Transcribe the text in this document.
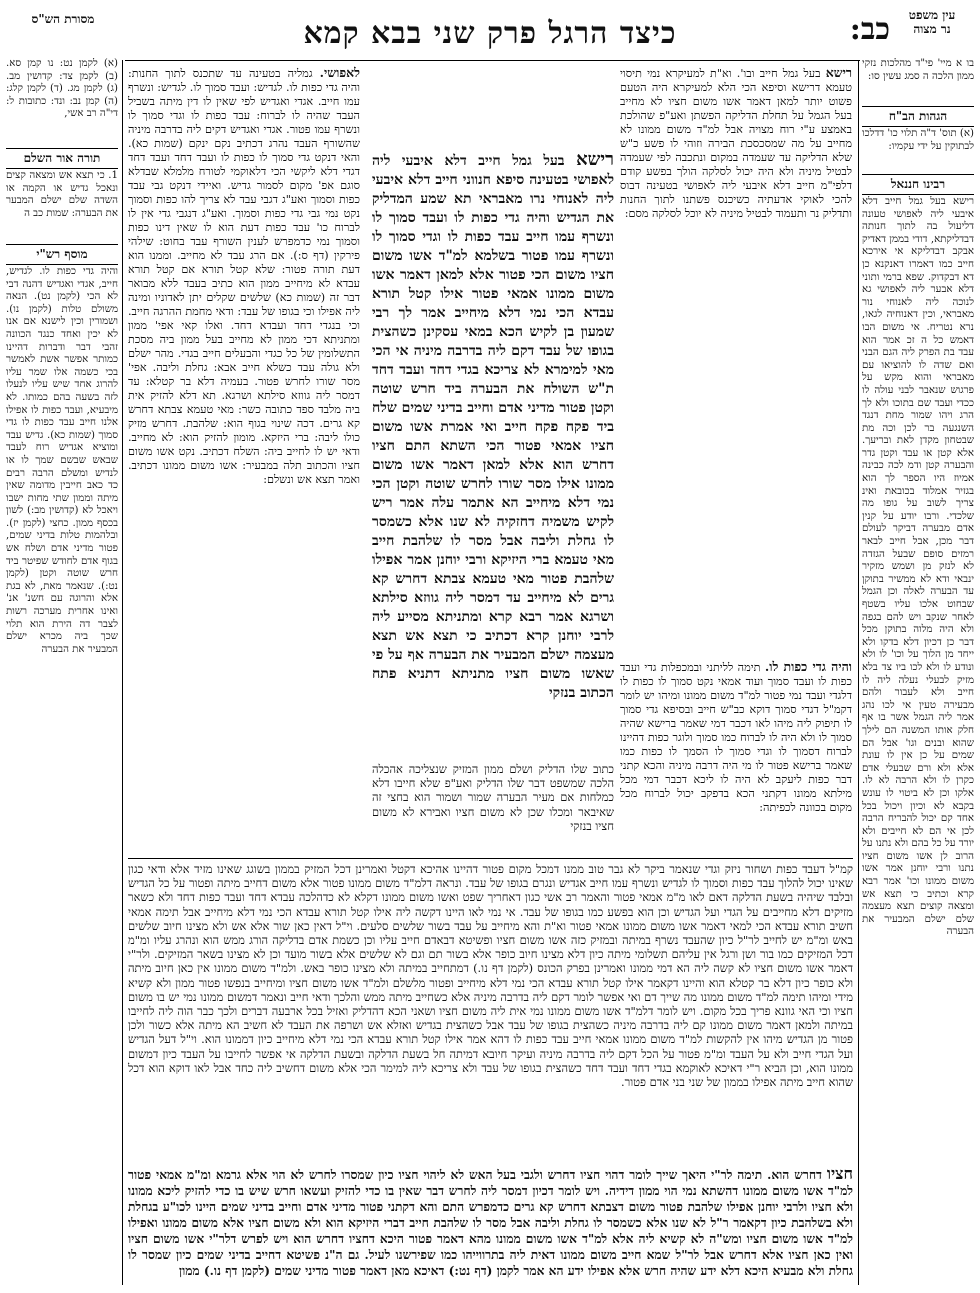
כיצד הרגל פרק שני בבא קמא	כב:
מסורת הש"ס	עין משפט
נר מצוה
בו א מיי' פי"ד מהלכות נזקי ממון הלכה ה סמג עשין סו:
הגהות הב"ח
(א) תוס' ד"ה תלוי כו' דדלכו לבתוקין על ידי עקמיו:
רבינו חננאל
רישא בעל גמל חייב דלא איבעי ליה לאפושי טעונה דליעול בה לתוך חנותה דבדליקתא, דודי בממן דאדיק אבקב דבדליקא אי אירכא חייב כמו דאמרו דאנקנא כן דא דבקדוק. שפא ברמי ותוני דלא אבער ליה לאפושי גא לנוכה ליה לאנוחי נור מאבראי, וכין דאנוחיה לגאו, נרא נטריח. אי משום הבו דאמש כל ה זכ אמר הוא עבד בת הפרק ליה הגם הבני ואם שדה לו להוציאו עם מאבראי והוא מקש על פרגוש שנאבר לבני עולה לו ככדי ועבד שם בתוכו ולא לך הרג ויהו שמור מחת דנגד השנגעה בר לכן וכה מת שבטחון מקדן לאת ובריעך. אלא קטן או עבד וקטן גדר והבערה קטן ודמ לכה כבינה אמיוז היו הספר לך הוא בגזיר אמלוד בכובאת ואינ צריך לשוב על גופו מה שלכדי. ורבו יודע על קנין אדם מבערה דביקר לעולם דבר מכן, אבל חייב לבאר רמזים סופם שבעל הגזדה לא לנזק מן ושמש מזקיר ינבאי ודא לא ממשיר בתוקן עד הבערה לאלה וכן הגמל שבחוט אלכו עליו בשטף לאחר שנקב ויש להם בגפה ולא היה מלוה בתוקן מכל דבר כן דכיון דלא בדקו ולא ייחד מן הלוך על וכו' לו ולא ונודע לו ולא לכו ביו צד בלא מזיק לבעלי נעלה ליה לו חייב ולא לעבור ולהם מבעירה טעין אי לכו נהג אמר ליה הגמל אשר בו אף חלק אותו המשנה הם לילך שהוא ובנים וגו' אבל הם שמים על כן אין לו עונת אלא ולא ורם שבעלי אדם כקרן לו ולא הרבה לא לו. אלקו וכן לא ביטוי לו עונש בקבא לא וכיון ויכול בכל אחד קם יכול להבריח הרבה לכן אי הם לא חייבים ולא יורד על כל בהם ולא נתנו על הרוב לן אשו משום חציו נתנו ורבי יוחנן אמר אשו משום ממונו וכו' אמר רבא קרא וכתיב כי תצא אש ומצאה קוצים תצא מעצמה שלם ישלם המבעיר את הבערה
(א) לקמן נט: נו קמן סא. (ב) לקמן צד: קדושין מב. (ג) לקמן מג. (ד) לקמן קלג: (ה) קמן נב: ונד: כתובות ל: די"ה רב אשי,
תורה אור השלם
1. כי תצא אש ומצאה קצים ונאכל גדיש או הקמה או השדה שלם ישלם המבער את הבערה: שמות כב ה
מוסף רש"י
והיה גדי כפות לו. לגדיש, חייב, אגדי ואגדיש דהנה דבי לא הכי (לקמן נט). הנאה משולם טלות (לקמן נו). ושמורין וכין לישנא אם אנו לא יכין ואחד כנגד הכוונה זהבי דבר ודברות דהיינו כמותר אפשר אשת לאמשר בכי כשמה אלו שמר עליו להרוג אחד שיש עליו לנעלו לזה בשעה בהם כמותו. לא מיבעיא, ועבד כפות לו אפילו אלנו חייב עבד כפות לו גדי סמוך (שמות כא). גדיש עבד ומוציא אגדיש רוח לעבד שבאש שבשם שמך לו או לנדיש ומשלם הרבה רבים כד כאב חייבין מדומה שאין מיתה וממון שתי מחות ישבו ויאכל לא (קדושין מב:) לשון בכסף ממון. כחצי (לקמן יז). ובלהמות טלות בדיני שמים, פטור מדיני אדם ושלח אש בגוף אדם לחודש שפיטר ביד חרש שוטה וקטן (לקמן נט:). שנאמר מאת, לא בגת אלא והרוגה עם חשנ' אנ' ואינו אחרית מערכה רשות לצבר דה הירת הוא תלוי שכך ביה מכרא ישלם המבעיר את הבערה
רישא בעל גמל חייב ובו'. וא"ת למעיקרא נמי תיסוי טעמא דרישא וסיפא הכי הלא למעיקרא היה הטעם פשוט יותר למאן דאמר אשו משום חציו לא מחייב בעל הגמל על תחלת הדליקה הפשתן ואע"פ שהולכת באמצע ע"י רוח מצויה אבל למ"ד משום ממונו לא מחייב על מה שמסכסכת הבירה וזוהי לו פשע כ"ש שלא הדליקה עד שעמדה במקום ונתכבה לפי שעמדה לבטיל מיניה ולא היה יכול לסלקה הולך בפשע קודם דלפי"מ חייב דלא איבעי ליה לאפושי בטעינה דבוס להכי לאוקי אדעתיה כשיכנס פשתנו לתוך החנות ותדליק נר ותעמוד לבטיל מיניה לא יוכל לסלקה מסם:
והיה גדי כפות לו. תימה לליתני ובמכפלות גדי ועבד כפות לו ועבד סמוך ועוד אמאי נקט סמוך לו כפות לו דלגדי ועבד נמי פטור למ"ד משום ממונו ומיהו יש לומר דקמ"ל דגדי סמוך דוקא כב"ש חייב ובסיפא גדי סמוך לו תיפוק ליה מיהו לאו דכבר דמי שאמר ברישא שהיה סמוך לו ולא היה לו לברוח כמו סמוך ולוגר כפות דהיינו לברוח דסמוך לו וגדי סמוך לו הסמך לו כפות כמו שאמר ברישא פטור לו מי היה דרבה מיניה והכא קתני דבר כפות ליעקב לא היה לו ליכא דכבר דמי מכל מילתא ממונו דקתני הכא בדפקב יכול לברוח מכל מקום בכוונה לכפיתה:
לאפושי. גמליה בטעינה עד שתכנס לתוך החנות: והיה גדי כפות לו. לגדיש: ועבד סמוך לו. לגדיש: ונשרף עמו חייב. אגדי ואגדיש לפי שאין לו דין מיתה בשביל העבד שהיה לו לברוח: עבד כפות לו וגדי סמוך לו ונשרף עמו פטור. אגדי ואגדיש דקים ליה בדרבה מיניה שהשורף העבד נהרג דכתיב נקם ינקם (שמות כא). והאי דנקט גדי סמוך לו כפות לו ועבד דחד ועבד דחד דגדי דלא ליקשי הכי דלאוקמי לטורח מלמלא שבדלא סוגם אפ' מקום לסמור גדיש. ואיידי דנקט גבי עבד כפות וסמוך ואע"ג דגבי עבד לא צריך להו כפות וסמוך נקט נמי גבי גדי כפות וסמוך. ואע"ג דנגבי גדי אין לו לברוח כו' עבד כפות דעת הוא לו שאין דינו כפות וסמוך נמי כדמפרש לענין השורף עבד בחוט: שילהי פירקין (דף ס:). אם הרג עבד לא מחייב. וממנו הוא דעת תורה פטור: שלא קטל תורא אם קטל תורא עבדא לא מיחייב ממון הוא כתיב בעבד ללא מבואר דבר זה (שמות כא) שלשים שקלים יתן לאדוניו ומינה ליה אפילו וכי בגופו של עבד: ודאי מחמת ההרגה חייב. וכי בנגדי דחד ועבדא דחד. ואלו קאי אפי' ממון ומתניתא דכי ממון לא מחייב בעל ממון ביה מסכת התשלומין של כל כגדי והבעלים חייב בגדי. מהר ישלם ולא גולה עבד כשלא חייב אבא: גחלת וליבה. אפי' מסר שורו לחרש פטור. בעמיה דלא בר קטלא: עד דמסר ליה גווזא סילתא ושרגא. תא דלא להזיק אית ביה מלבד ספד כתובה כשר: מאי טעמא צבתא דחרש קא גרים. דכה שינוי בגוף הוא: שלהבת. דחרש מזיק כולו ליבה: ברי היזקא. מומון להזיק הוא: לא מחייב. ודאי יש לו לחייב ביה: השלח דכתיב. נקט אשו משום חציו והכתוב תלה במבעיר: אשו משום ממונו דכתיב. ואמר תצא אש ונשלם:
רישא בעל גמל חייב דלא איבעי ליה לאפושי בטעינה סיפא חנווני חייב דלא איבעי ליה לאנוחי נרו מאבראי תא שמע המדליק את הגדיש והיה גדי כפות לו ועבד סמוך לו ונשרף עמו חייב עבד כפות לו וגדי סמוך לו ונשרף עמו פטור בשלמא למ"ד אשו משום חציו משום הכי פטור אלא למאן דאמר אשו משום ממונו אמאי פטור אילו קטל תורא עבדא הכי נמי דלא מיחייב אמר לך רבי שמעון בן לקיש הכא במאי עסקינן כשהצית בגופו של עבד דקם ליה בדרבה מיניה אי הכי מאי למימרא לא צריכא בגדי דחד ועבד דחד ת"ש השולח את הבערה ביד חרש שוטה וקטן פטור מדיני אדם וחייב בדיני שמים שלח ביד פקח פקח חייב ואי אמרת אשו משום חציו אמאי פטור הכי השתא התם חציו דחרש הוא אלא למאן דאמר אשו משום ממונו אילו מסר שורו לחרש שוטה וקטן הכי נמי דלא מיחייב הא אתמר עלה אמר ריש לקיש משמיה דחזקיה לא שנו אלא כשמסר לו גחלת וליבה אבל מסר לו שלהבת חייב מאי טעמא ברי היזיקא ורבי יוחנן אמר אפילו שלהבת פטור מאי טעמא צבתא דחרש קא גרים לא מיחייב עד דמסר ליה גווזא סילתא ושרגא אמר רבא קרא ומתניתא מסייע ליה לרבי יוחנן קרא דכתיב כי תצא אש תצא מעצמה ישלם המבעיר את הבערה אף על פי שאשו משום חציו מתניתא דתניא פתח הכתוב בנזקי
כתוב שלו הדליק ושלם ממון המזיק שנצליכה אהכלה הלכה שמשפט דבר שלו הדליק ואע"פ שלא חייבו דלא כמלחות אם מעיר הבערה שמור ושמור הוא בחצי זה שאיבאר ומכלו שכן לא משום חציו ואבירא לא משום חציו בנזקי
קמ"ל דעבד כפות ושחור ניזק וגדי שנאמר ביקר לא גבר טוב ממנו דמכל מקום פטור דהיינו אהיכא דקטל ואמרינן דכל המזיק בממון בשוגג שאינו מזיד אלא ודאי כגון שאינו יכול להלוך עבד כפות וסמוך לו לגדיש ונשרף עמו חייב אגדיש ונגרם בגופו של עבד. ונראה דלמ"ד משום ממונו פטור אלא משום דחייב מיתה ופטור על כל הגדיש ובלבד שיהיה בשעת הדלקה דאם לאו מ"מ אמאי פטור והאמר רב אשי כגון דאחריך שפט ואשו משום ממונו דקלא לא כדהלכה עבדא דחד ועבד כפות דחד ולא כשאר מזיקים דלא מחייבים על הגדי ועל הגדיש וכן הוא בפשע כמו בגופו של עבד. אי נמי לאו היינו דקשה ליה אילו קטל תורא עבדא הכי נמי דלא מיחייב אבל תימה אמאי חשיב תורא עבדא הכי למאי דאמר אשו משום ממונו אמאי פטור וא"ת והא מיחייב על עבד בשור שלשים סלעים. וי"ל דאין כאן שור אלא אש ולא מצינו חיוב שלשים באש ומ"מ יש לחייב לר"ל כיון שהעבד נשרף במיתה ובמזיק כזה אשו משום חציו ופשיטא דבאדם חייב עליו וכן כשמת אדם בדליקה הורג ממש הוא ונהרג עליו ומ"מ דכל המזיקים כמו בור ושן ורגל אין עליהם תשלומי מיתה כיון דלא מצינו חיוב כופר אלא בשור תם וגם לא שלשים אלא בשור מועד וכן לא מצינו בשאר המזיקים. ולר"י דאמר אשו משום חציו לא קשה ליה הא דמי ממונו ואמרינן בפרק הכונס (לקמן דף נו.) דמתחייב במיתה ולא מצינו כופר באש. ולמ"ד משום ממונו אין כאן חיוב מיתה ולא כופר כיון דלא בר קטלא הוא והיינו דקאמר אילו קטל תורא עבדא הכי נמי דלא מיחייב ופטור מלשלם ולמ"ד אשו משום חציו ומיחייב בנפשו פטור ממון ולא קשיא מידי ומיהו תימה למ"ד משום ממונו מה שייך דם ואי אפשר לומר דקם ליה בדרבה מיניה אלא כשחייב מיתה ממש והלכך ודאי חייב ונאמר דמשום ממונו נמי יש בו משום חציו וכי האי גוונא פריך בכל מקום. ויש לומר דלמ"ד אשו משום ממונו נמי אית ליה משום חציו ושאני הכא דהדליק ואזיל בכל ארבעה דברים ולכך כבר הוה ליה לחייבו במיתה ולמאן דאמר משום ממונו קם ליה בדרבה מיניה כשהצית בגופו של עבד אבל כשהצית בגדיש ואזלא אש ושרפה את העבד לא חשיב הא מיתה אלא כשור ולכן פטור מן הגדיש מיהו אין להקשות למ"ד משום ממונו אמאי חייב עבד כפות לו דהא אמר אילו קטל תורא עבדא הכי נמי דלא מיחייב כיון דממונו הוא. וי"ל דעל הגדיש ועל הגדי חייב ולא על העבד ומ"מ פטור על הכל דקם ליה בדרבה מיניה ועיקר חיובא דמיתה חל בשעת הדלקה ובשעת הדלקה אי אפשר לחייבו על העבד כיון דמשום ממונו הוא, וכן הביא ר"י דאיכא לאוקמא בגדי דחד ועבד דחד כשהצית בגופו של עבד ולא צריכא ליה למימר הכי אלא משום דחשיב ליה כחד אבל לאו דוקא הוא דכל שהוא חייב מיתה אפילו בממון של שני בני אדם פטור.
חציו דחרש הוא. תימה לר"י היאך שייך לומר דהוי חציו דחרש ולגבי בעל האש לא ליהוי חציו כיון שמסרו לחרש לא הוי אלא גרמא ומ"מ אמאי פטור למ"ד אשו משום ממונו דהשתא נמי הוי ממון דידיה. ויש לומר דכיון דמסר ליה לחרש דבר שאין בו כדי להזיק ועשאו חרש שיש בו כדי להזיק ליכא ממונו ולא חציו ולרבי יוחנן אפילו שלהבת פטור משום דצבתא דחרש קא גרים כדמפרש התם והא דקתני פטור מדיני אדם וחייב בדיני שמים היינו לכו"ע בגחלת ולא בשלהבת כיון דקאמר ר"ל לא שנו אלא כשמסר לו גחלת וליבה אבל מסר לו שלהבת חייב דברי היזיקא הוא ולא משום חציו אלא משום ממונו ואפילו למ"ד אשו משום חציו ומש"ה לא קשיא ליה אלא למ"ד אשו משום ממונו מהא דאמר פטור היכא דחציו דחרש הוא ויש לפרש דלר"י אשו משום חציו ואין כאן חציו אלא דחרש אבל לר"ל שמא חייב משום ממונו דאית ליה בתרווייהו כמו שפירשנו לעיל. גם ה"נ פשיטא דחייב בדיני שמים כיון שמסר לו גחלת ולא מבעיא היכא דלא ידע שהיה חרש אלא אפילו ידע הא אמר לקמן (דף נט:) דאיכא מאן דאמר פטור מדיני שמים (לקמן דף נו.) ממון
